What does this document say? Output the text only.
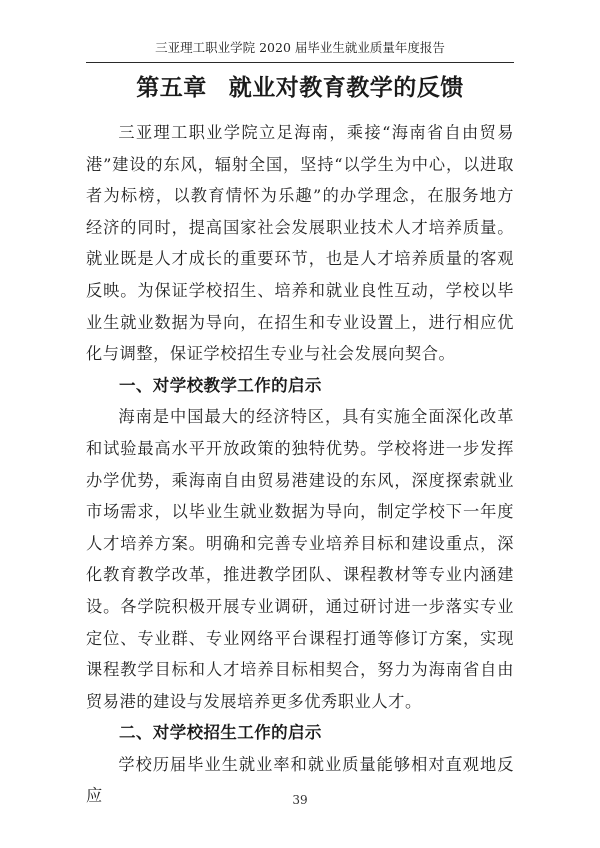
三亚理工职业学院 2020 届毕业生就业质量年度报告
第五章 就业对教育教学的反馈

三亚理工职业学院立足海南，乘接“海南省自由贸易港”建设的东风，辐射全国，坚持“以学生为中心，以进取者为标榜，以教育情怀为乐趣”的办学理念，在服务地方经济的同时，提高国家社会发展职业技术人才培养质量。就业既是人才成长的重要环节，也是人才培养质量的客观反映。为保证学校招生、培养和就业良性互动，学校以毕业生就业数据为导向，在招生和专业设置上，进行相应优化与调整，保证学校招生专业与社会发展向契合。

一、对学校教学工作的启示

海南是中国最大的经济特区，具有实施全面深化改革和试验最高水平开放政策的独特优势。学校将进一步发挥办学优势，乘海南自由贸易港建设的东风，深度探索就业市场需求，以毕业生就业数据为导向，制定学校下一年度人才培养方案。明确和完善专业培养目标和建设重点，深化教育教学改革，推进教学团队、课程教材等专业内涵建设。各学院积极开展专业调研，通过研讨进一步落实专业定位、专业群、专业网络平台课程打通等修订方案，实现课程教学目标和人才培养目标相契合，努力为海南省自由贸易港的建设与发展培养更多优秀职业人才。

二、对学校招生工作的启示

学校历届毕业生就业率和就业质量能够相对直观地反应	39
